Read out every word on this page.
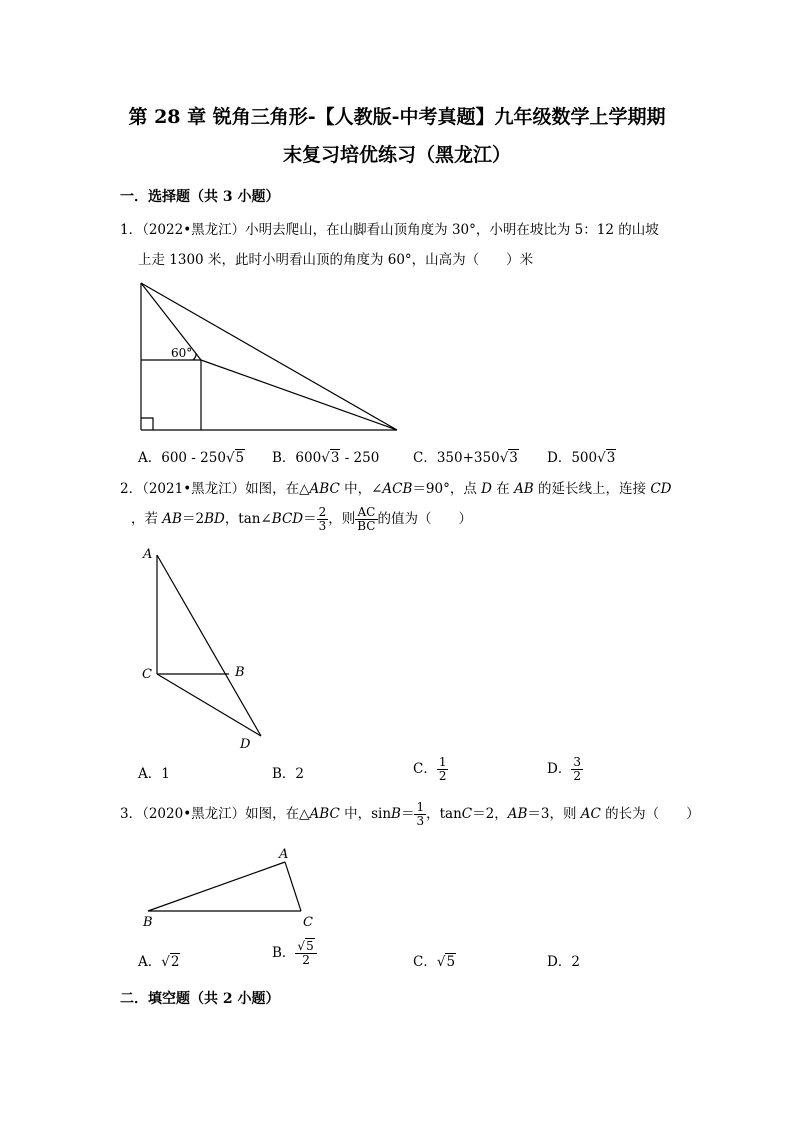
第 28 章 锐角三角形-【人教版-中考真题】九年级数学上学期期
末复习培优练习（黑龙江）
一．选择题（共 3 小题）
1．（2022•黑龙江）小明去爬山，在山脚看山顶角度为 30°，小明在坡比为 5：12 的山坡
上走 1300 米，此时小明看山顶的角度为 60°，山高为（　　）米
60°
A．600 - 250√5 B．600√3 - 250 C．350+350√3 D．500√3
2．（2021•黑龙江）如图，在△ABC 中，∠ACB＝90°，点 D 在 AB 的延长线上，连接 CD
，若 AB＝2BD，tan∠BCD＝ $\frac{2}{3}$ ，则 $\frac{AC}{BC}$ 的值为（　　）
A
C	B
D
A．1	B．2	C． $\frac{1}{2}$	D． $\frac{3}{2}$
3．（2020•黑龙江）如图，在△ABC 中，$\sin B= \frac{1}{3}$ ，tanC＝2，AB＝3，则 AC 的长为（　　）
A
B	C
A．√2
B． $\frac{√5}{2}$	C．√5	D．2
二．填空题（共 2 小题）
